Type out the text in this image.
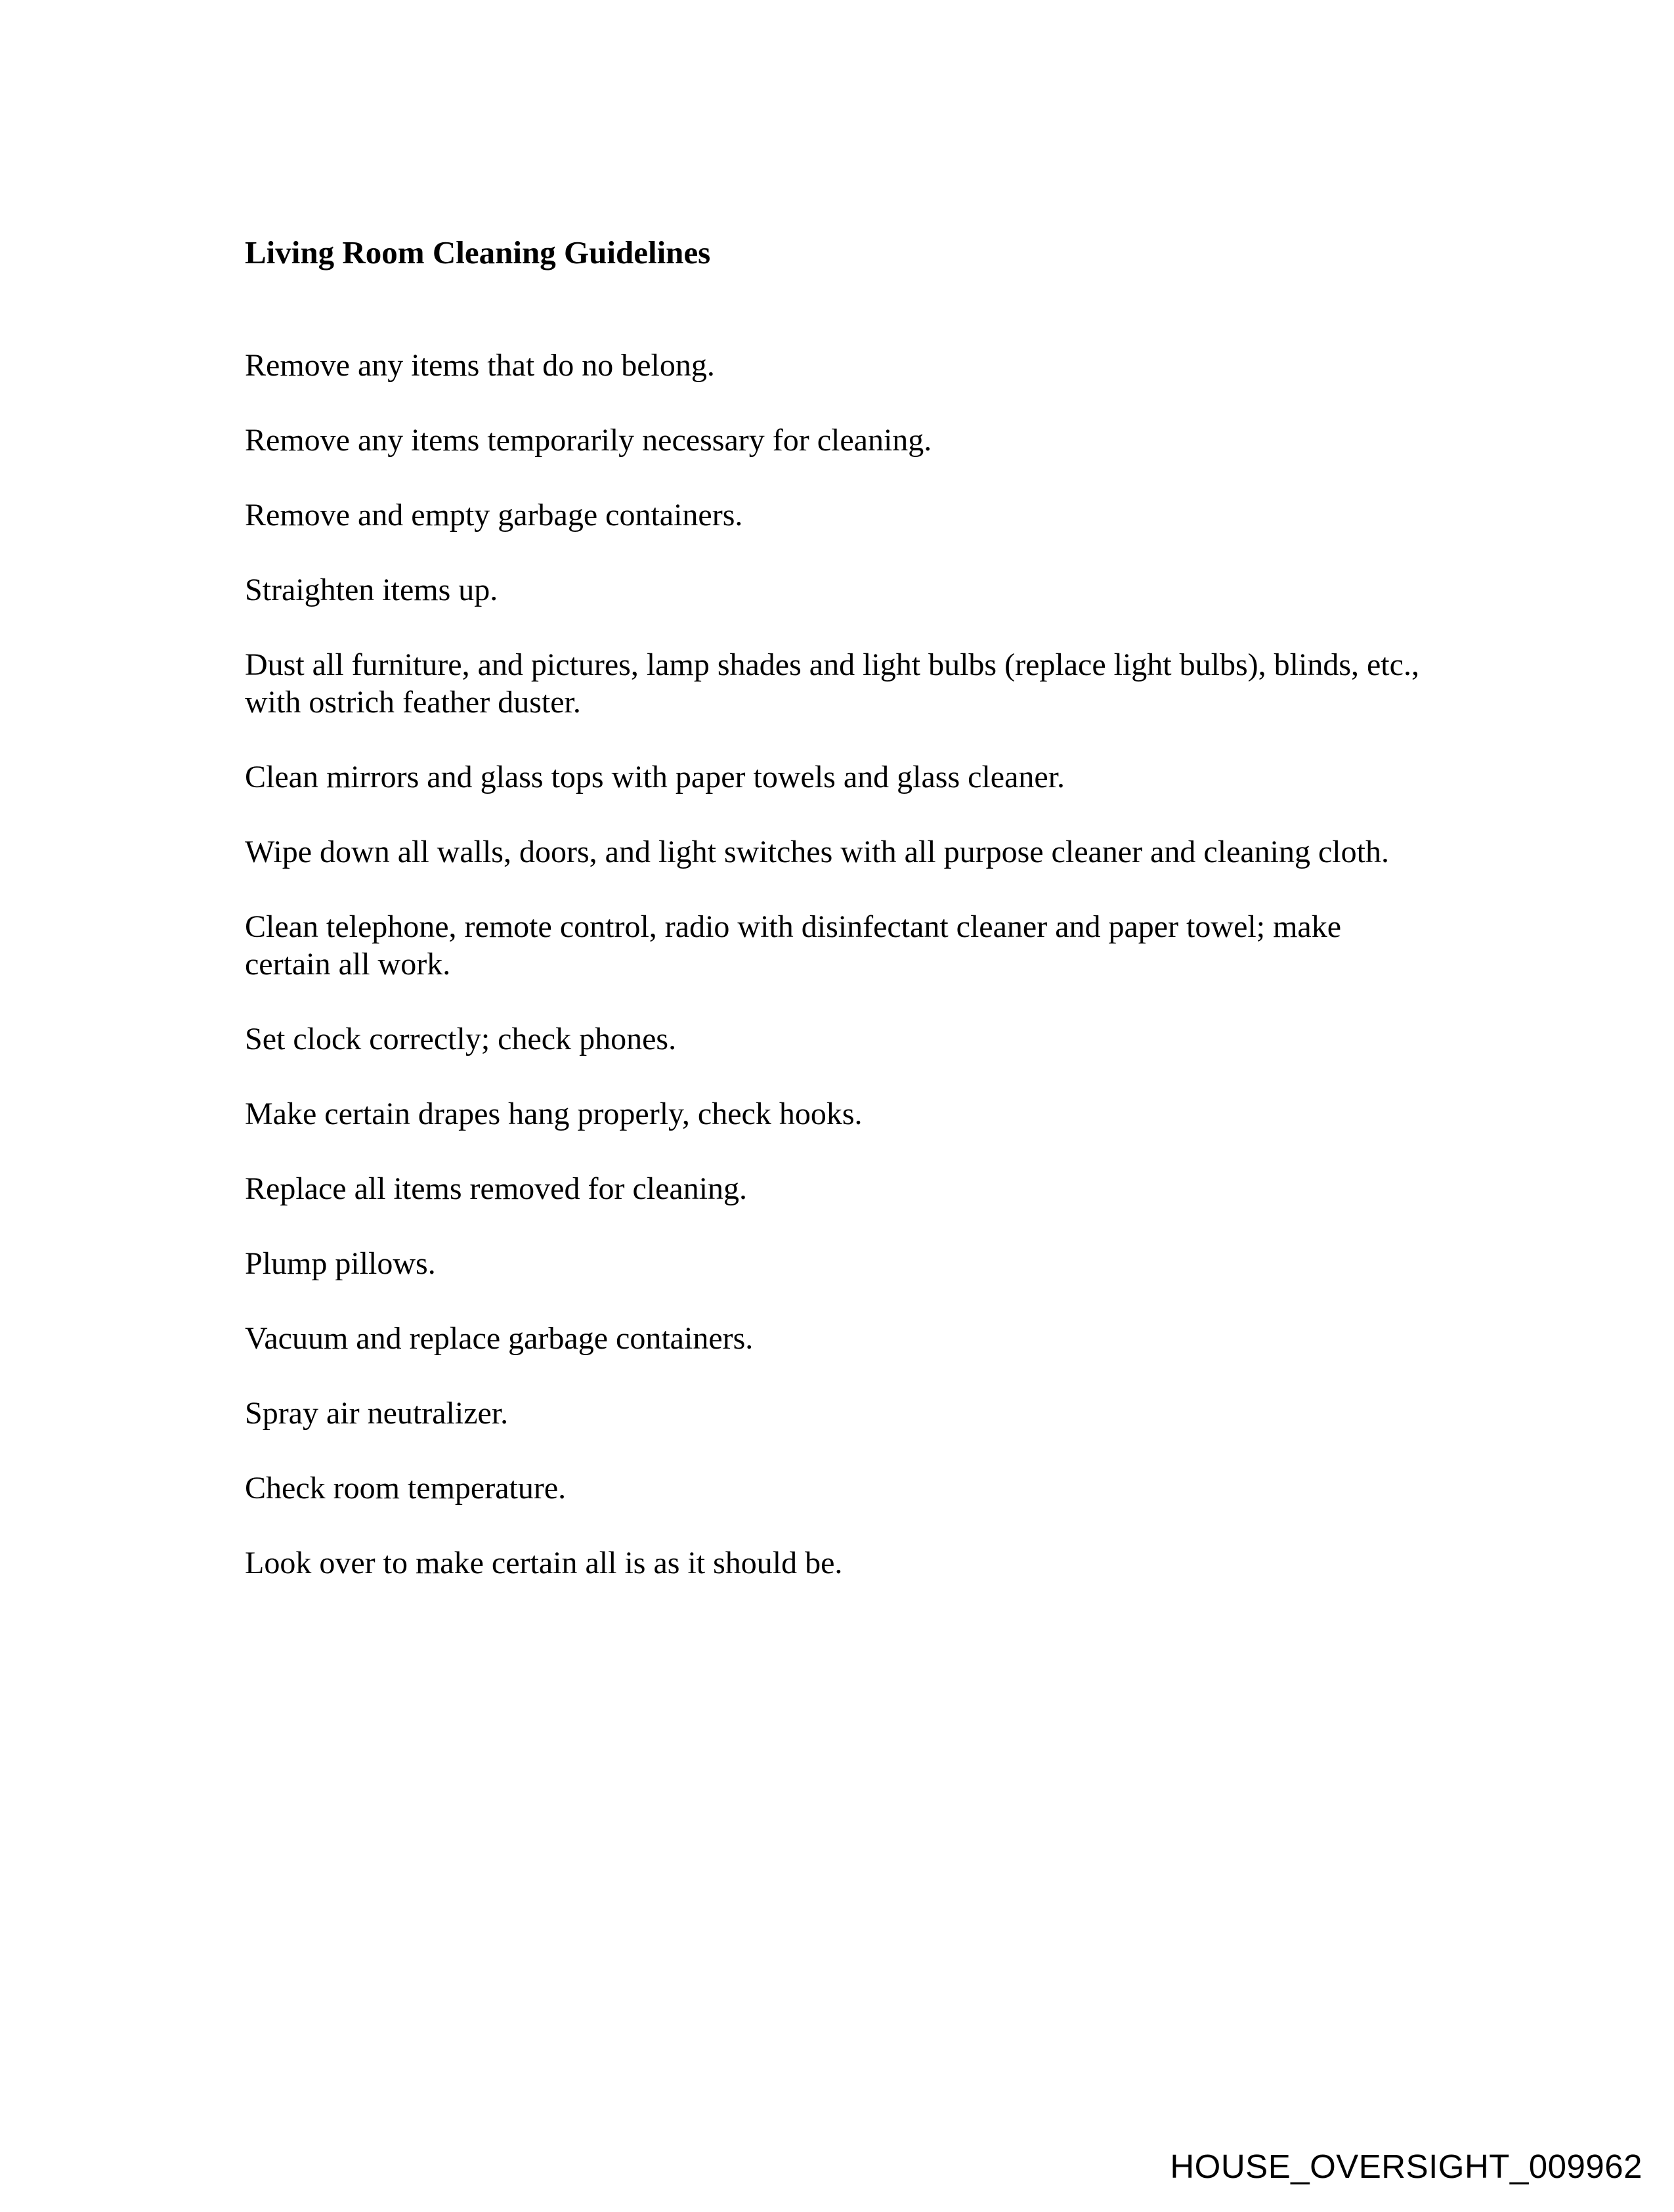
Living Room Cleaning Guidelines
Remove any items that do no belong.
Remove any items temporarily necessary for cleaning.
Remove and empty garbage containers.
Straighten items up.
Dust all furniture, and pictures, lamp shades and light bulbs (replace light bulbs), blinds, etc., with ostrich feather duster.
Clean mirrors and glass tops with paper towels and glass cleaner.
Wipe down all walls, doors, and light switches with all purpose cleaner and cleaning cloth.
Clean telephone, remote control, radio with disinfectant cleaner and paper towel; make certain all work.
Set clock correctly; check phones.
Make certain drapes hang properly, check hooks.
Replace all items removed for cleaning.
Plump pillows.
Vacuum and replace garbage containers.
Spray air neutralizer.
Check room temperature.
Look over to make certain all is as it should be.
HOUSE_OVERSIGHT_009962
